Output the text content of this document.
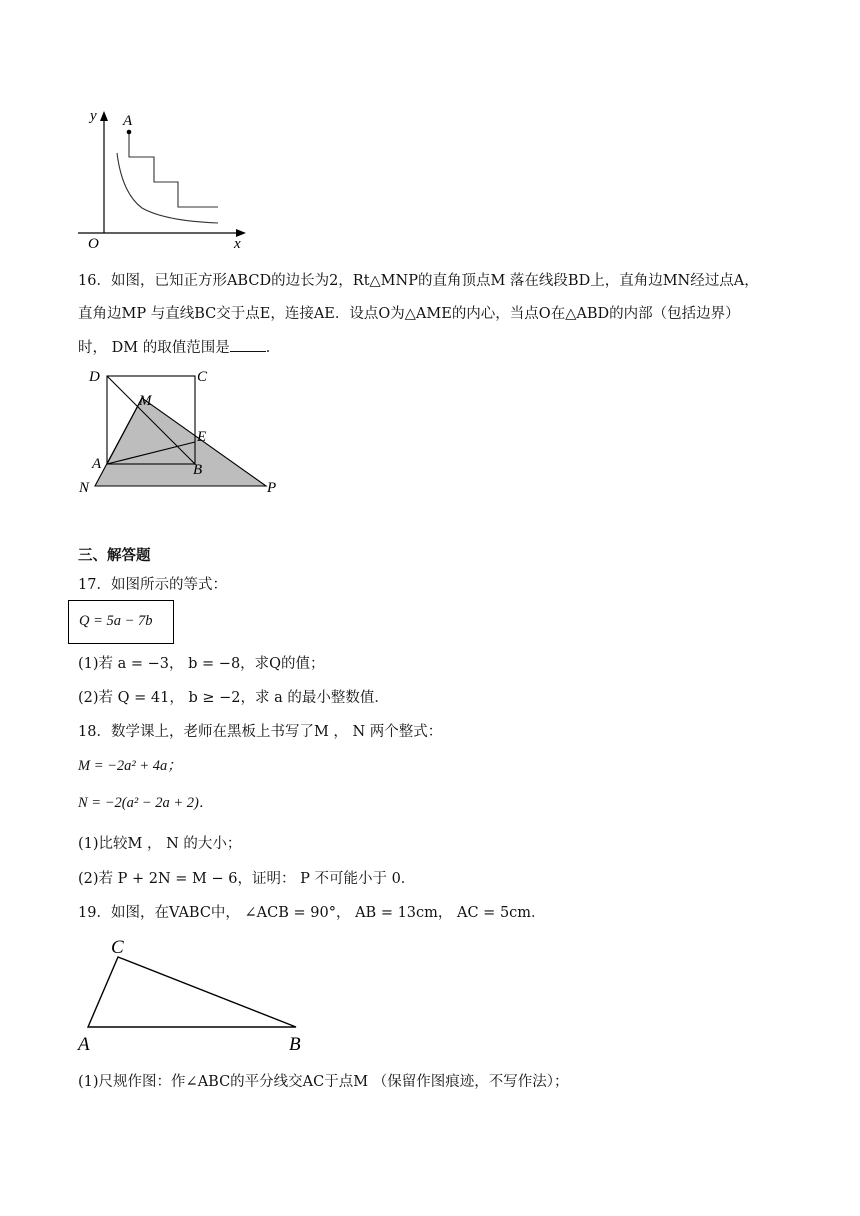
y A
O	x
16．如图，已知正方形ABCD的边长为2，Rt△MNP的直角顶点M 落在线段BD上，直角边MN经过点A，
直角边MP 与直线BC交于点E，连接AE．设点O为△AME的内心，当点O在△ABD的内部（包括边界）
时， DM 的取值范围是 ．
D	C
M
E
A	B
N	P
三、解答题
17．如图所示的等式：
Q = 5a − 7b
(1)若 a = −3， b = −8，求Q的值；
(2)若 Q = 41， b ≥ −2，求 a 的最小整数值．
18．数学课上，老师在黑板上书写了M ， N 两个整式：
M = −2a² + 4a；
N = −2(a² − 2a + 2)．
(1)比较M ， N 的大小；
(2)若 P + 2N = M − 6，证明： P 不可能小于 0．
19．如图，在VABC中， ∠ACB = 90°， AB = 13cm， AC = 5cm．
C
A	B
(1)尺规作图：作∠ABC的平分线交AC于点M （保留作图痕迹，不写作法）；
